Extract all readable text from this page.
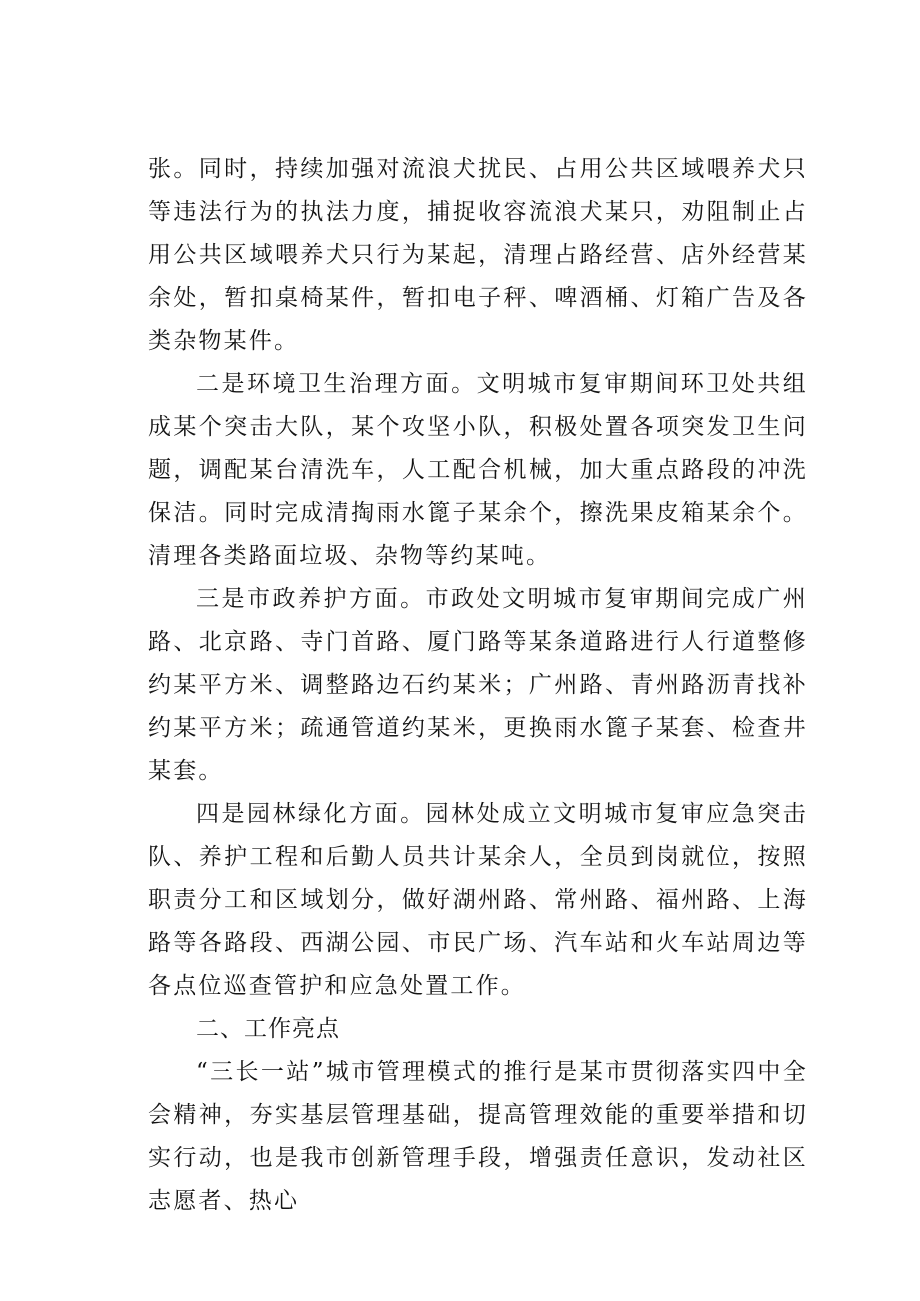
张。同时，持续加强对流浪犬扰民、占用公共区域喂养犬只等违法行为的执法力度，捕捉收容流浪犬某只，劝阻制止占用公共区域喂养犬只行为某起，清理占路经营、店外经营某余处，暂扣桌椅某件，暂扣电子秤、啤酒桶、灯箱广告及各类杂物某件。

二是环境卫生治理方面。文明城市复审期间环卫处共组成某个突击大队，某个攻坚小队，积极处置各项突发卫生问题，调配某台清洗车，人工配合机械，加大重点路段的冲洗保洁。同时完成清掏雨水篦子某余个，擦洗果皮箱某余个。清理各类路面垃圾、杂物等约某吨。

三是市政养护方面。市政处文明城市复审期间完成广州路、北京路、寺门首路、厦门路等某条道路进行人行道整修约某平方米、调整路边石约某米；广州路、青州路沥青找补约某平方米；疏通管道约某米，更换雨水篦子某套、检查井某套。

四是园林绿化方面。园林处成立文明城市复审应急突击队、养护工程和后勤人员共计某余人，全员到岗就位，按照职责分工和区域划分，做好湖州路、常州路、福州路、上海路等各路段、西湖公园、市民广场、汽车站和火车站周边等各点位巡查管护和应急处置工作。

二、工作亮点

“三长一站”城市管理模式的推行是某市贯彻落实四中全会精神，夯实基层管理基础，提高管理效能的重要举措和切实行动，也是我市创新管理手段，增强责任意识，发动社区志愿者、热心
